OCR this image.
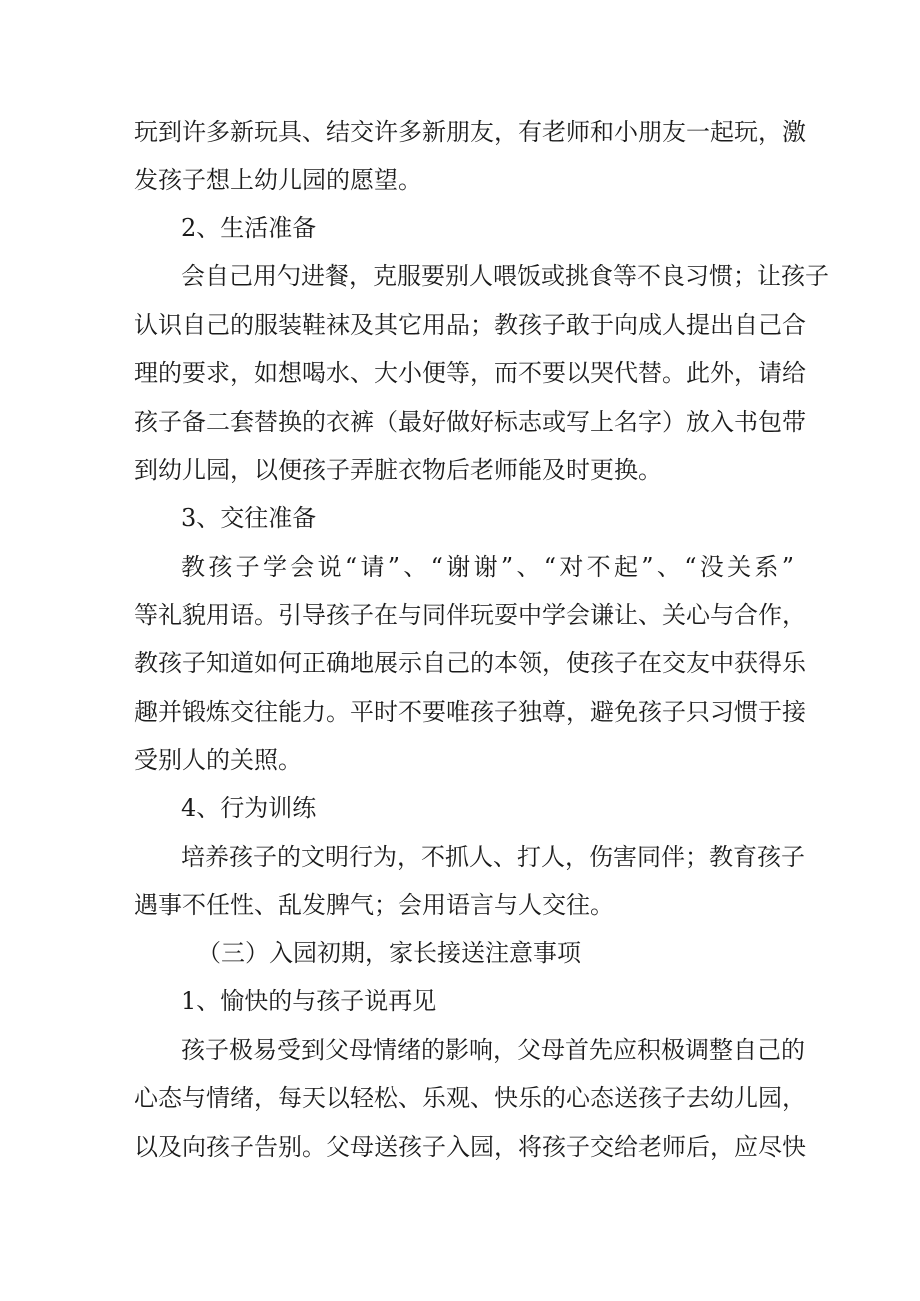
玩到许多新玩具、结交许多新朋友，有老师和小朋友一起玩，激
发孩子想上幼儿园的愿望。
2、生活准备
会自己用勺进餐，克服要别人喂饭或挑食等不良习惯；让孩子
认识自己的服装鞋袜及其它用品；教孩子敢于向成人提出自己合
理的要求，如想喝水、大小便等，而不要以哭代替。此外，请给
孩子备二套替换的衣裤（最好做好标志或写上名字）放入书包带
到幼儿园，以便孩子弄脏衣物后老师能及时更换。
3、交往准备
教孩子学会说“请”、“谢谢”、“对不起”、“没关系”
等礼貌用语。引导孩子在与同伴玩耍中学会谦让、关心与合作，
教孩子知道如何正确地展示自己的本领，使孩子在交友中获得乐
趣并锻炼交往能力。平时不要唯孩子独尊，避免孩子只习惯于接
受别人的关照。
4、行为训练
培养孩子的文明行为，不抓人、打人，伤害同伴；教育孩子
遇事不任性、乱发脾气；会用语言与人交往。
（三）入园初期，家长接送注意事项
1、愉快的与孩子说再见
孩子极易受到父母情绪的影响，父母首先应积极调整自己的
心态与情绪，每天以轻松、乐观、快乐的心态送孩子去幼儿园，
以及向孩子告别。父母送孩子入园，将孩子交给老师后，应尽快
